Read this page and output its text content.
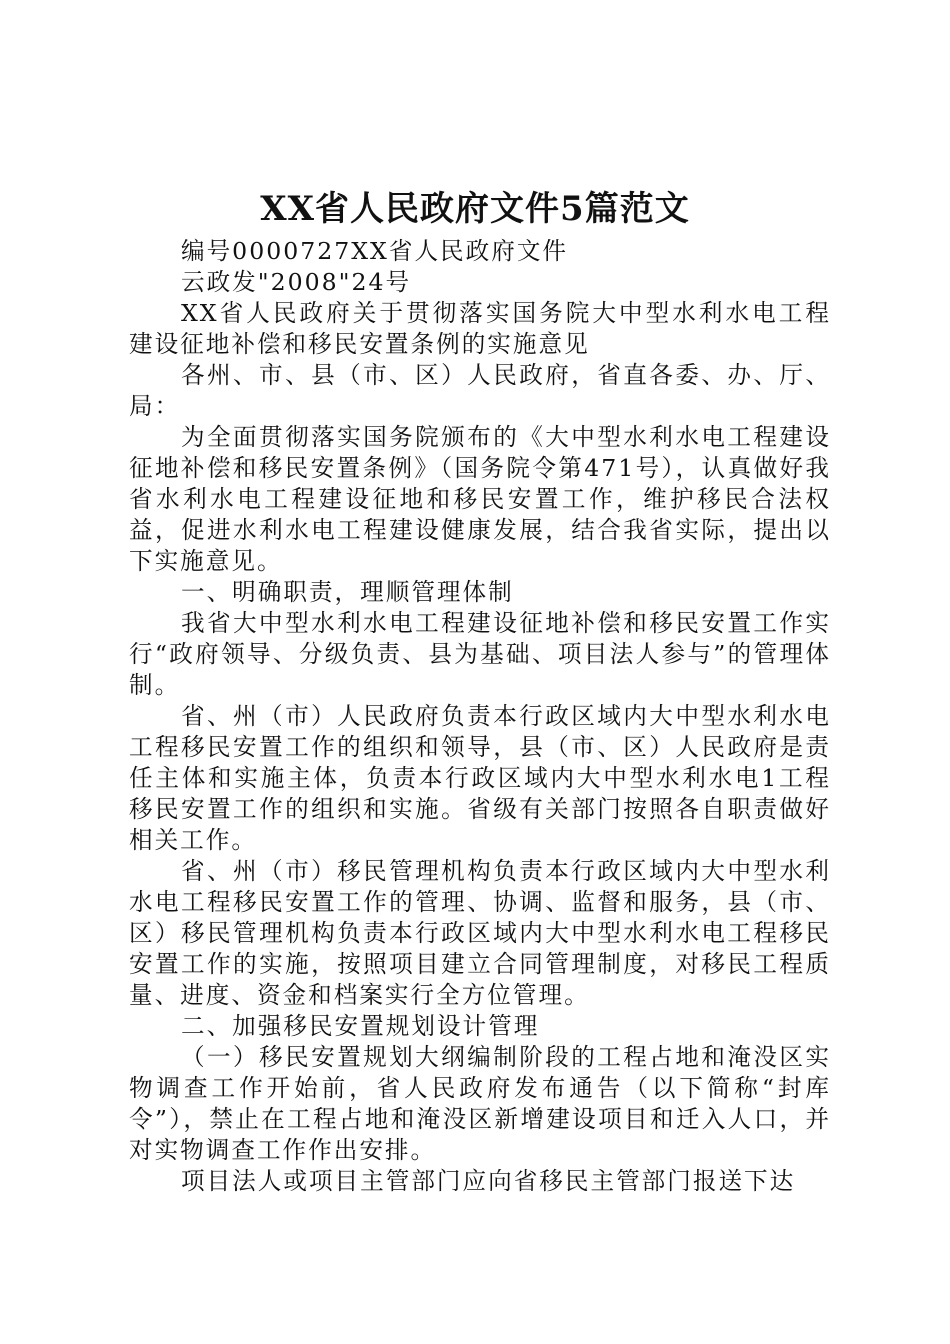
XX省人民政府文件5篇范文

编号0000727XX省人民政府文件

云政发"2008"24号

XX省人民政府关于贯彻落实国务院大中型水利水电工程建设征地补偿和移民安置条例的实施意见

各州、市、县（市、区）人民政府，省直各委、办、厅、局：

为全面贯彻落实国务院颁布的《大中型水利水电工程建设征地补偿和移民安置条例》（国务院令第471号），认真做好我省水利水电工程建设征地和移民安置工作，维护移民合法权益，促进水利水电工程建设健康发展，结合我省实际，提出以下实施意见。

一、明确职责，理顺管理体制

我省大中型水利水电工程建设征地补偿和移民安置工作实行“政府领导、分级负责、县为基础、项目法人参与”的管理体制。

省、州（市）人民政府负责本行政区域内大中型水利水电工程移民安置工作的组织和领导，县（市、区）人民政府是责任主体和实施主体，负责本行政区域内大中型水利水电1工程移民安置工作的组织和实施。省级有关部门按照各自职责做好相关工作。

省、州（市）移民管理机构负责本行政区域内大中型水利水电工程移民安置工作的管理、协调、监督和服务，县（市、区）移民管理机构负责本行政区域内大中型水利水电工程移民安置工作的实施，按照项目建立合同管理制度，对移民工程质量、进度、资金和档案实行全方位管理。

二、加强移民安置规划设计管理

（一）移民安置规划大纲编制阶段的工程占地和淹没区实物调查工作开始前，省人民政府发布通告（以下简称“封库令”），禁止在工程占地和淹没区新增建设项目和迁入人口，并对实物调查工作作出安排。

项目法人或项目主管部门应向省移民主管部门报送下达
